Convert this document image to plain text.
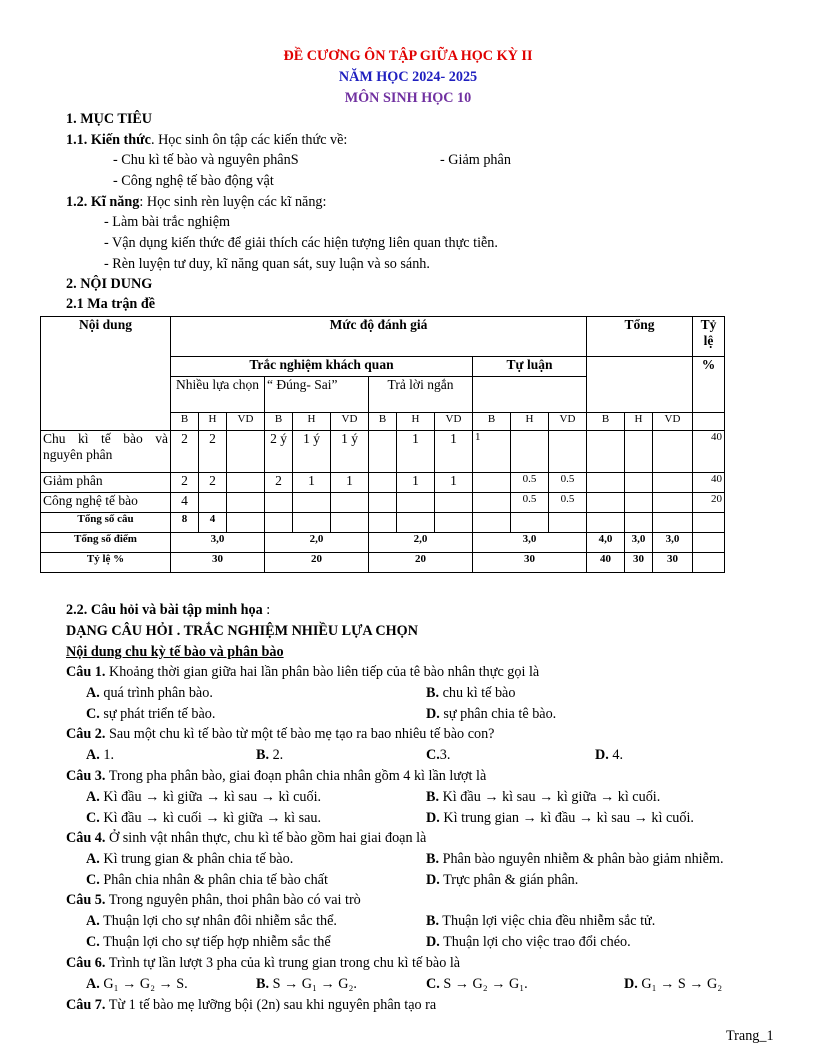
ĐỀ CƯƠNG ÔN TẬP GIỮA HỌC KỲ II
NĂM HỌC 2024- 2025
MÔN SINH HỌC 10
1. MỤC TIÊU
1.1. Kiến thức. Học sinh ôn tập các kiến thức về:
- Chu kì tế bào và nguyên phânS	- Giảm phân
- Công nghệ tế bào động vật
1.2. Kĩ năng: Học sinh rèn luyện các kĩ năng:
- Làm bài trắc nghiệm
- Vận dụng kiến thức để giải thích các hiện tượng liên quan thực tiễn.
- Rèn luyện tư duy, kĩ năng quan sát, suy luận và so sánh.
2. NỘI DUNG
2.1 Ma trận đề
Nội dung	Mức độ đánh giá												Tổng			Tỷ lệ
	Trắc nghiệm khách quan									Tự luận						%
	Nhiều lựa chọn			“ Đúng- Sai”			Trả lời ngắn									
	B	H	VD	B	H	VD	B	H	VD	B	H	VD	B	H	VD	
Chu kì tế bào và nguyên phân	2	2		2 ý	1 ý	1 ý		1	1	1						40
Giảm phân	2	2		2	1	1		1	1		0.5	0.5				40
Công nghệ tế bào	4										0.5	0.5				20
Tổng số câu	8	4														
Tổng số điểm	3,0			2,0			2,0			3,0			4,0	3,0	3,0	
Tỷ lệ %	30			20			20			30			40	30	30	
2.2. Câu hỏi và bài tập minh họa :
DẠNG CÂU HỎI . TRẮC NGHIỆM NHIỀU LỰA CHỌN
Nội dung chu kỳ tế bào và phân bào
Câu 1. Khoảng thời gian giữa hai lần phân bào liên tiếp của tê bào nhân thực gọi là
A. quá trình phân bào.	B. chu kì tế bào
C. sự phát triển tế bào.	D. sự phân chia tê bào.
Câu 2. Sau một chu kì tế bào từ một tế bào mẹ tạo ra bao nhiêu tế bào con?
A. 1.	B. 2.	C.3.	D. 4.
Câu 3. Trong pha phân bào, giai đoạn phân chia nhân gồm 4 kì lần lượt là
A. Kì đầu → kì giữa → kì sau → kì cuối.	B. Kì đầu → kì sau → kì giữa → kì cuối.
C. Kì đầu → kì cuối → kì giữa → kì sau.	D. Kì trung gian → kì đầu → kì sau → kì cuối.
Câu 4. Ở sinh vật nhân thực, chu kì tế bào gồm hai giai đoạn là
A. Kì trung gian & phân chia tế bào.	B. Phân bào nguyên nhiễm & phân bào giảm nhiễm.
C. Phân chia nhân & phân chia tế bào chất	D. Trực phân & gián phân.
Câu 5. Trong nguyên phân, thoi phân bào có vai trò
A. Thuận lợi cho sự nhân đôi nhiễm sắc thể.	B. Thuận lợi việc chia đều nhiễm sắc tử.
C. Thuận lợi cho sự tiếp hợp nhiễm sắc thể	D. Thuận lợi cho việc trao đổi chéo.
Câu 6. Trình tự lần lượt 3 pha của kì trung gian trong chu kì tế bào là
A. G₁ → G₂ → S.	B. S → G₁ → G₂.	C. S → G₂ → G₁.	D. G₁ → S → G₂
Câu 7. Từ 1 tế bào mẹ lưỡng bội (2n) sau khi nguyên phân tạo ra
Trang_1
